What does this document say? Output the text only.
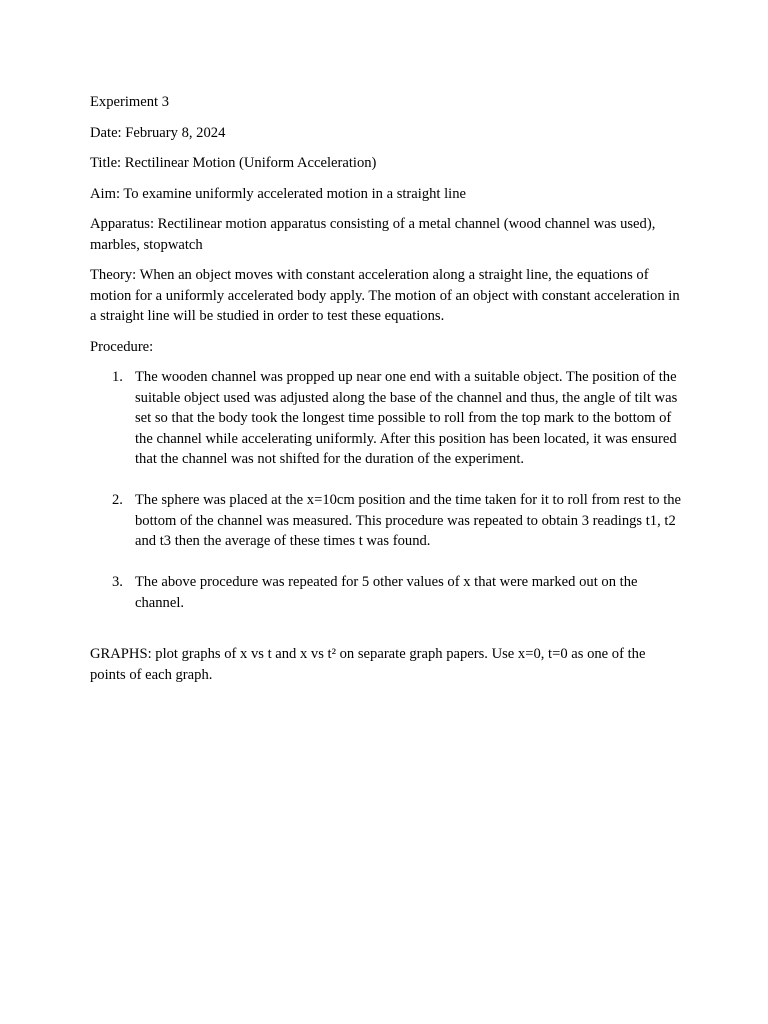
Experiment 3

Date: February 8, 2024

Title: Rectilinear Motion (Uniform Acceleration)

Aim: To examine uniformly accelerated motion in a straight line

Apparatus: Rectilinear motion apparatus consisting of a metal channel (wood channel was used), marbles, stopwatch

Theory: When an object moves with constant acceleration along a straight line, the equations of motion for a uniformly accelerated body apply. The motion of an object with constant acceleration in a straight line will be studied in order to test these equations.

Procedure:

1. The wooden channel was propped up near one end with a suitable object. The position of the suitable object used was adjusted along the base of the channel and thus, the angle of tilt was set so that the body took the longest time possible to roll from the top mark to the bottom of the channel while accelerating uniformly. After this position has been located, it was ensured that the channel was not shifted for the duration of the experiment.
2. The sphere was placed at the x=10cm position and the time taken for it to roll from rest to the bottom of the channel was measured. This procedure was repeated to obtain 3 readings t1, t2 and t3 then the average of these times t was found.
3. The above procedure was repeated for 5 other values of x that were marked out on the channel.

GRAPHS: plot graphs of x vs t and x vs t² on separate graph papers. Use x=0, t=0 as one of the points of each graph.
